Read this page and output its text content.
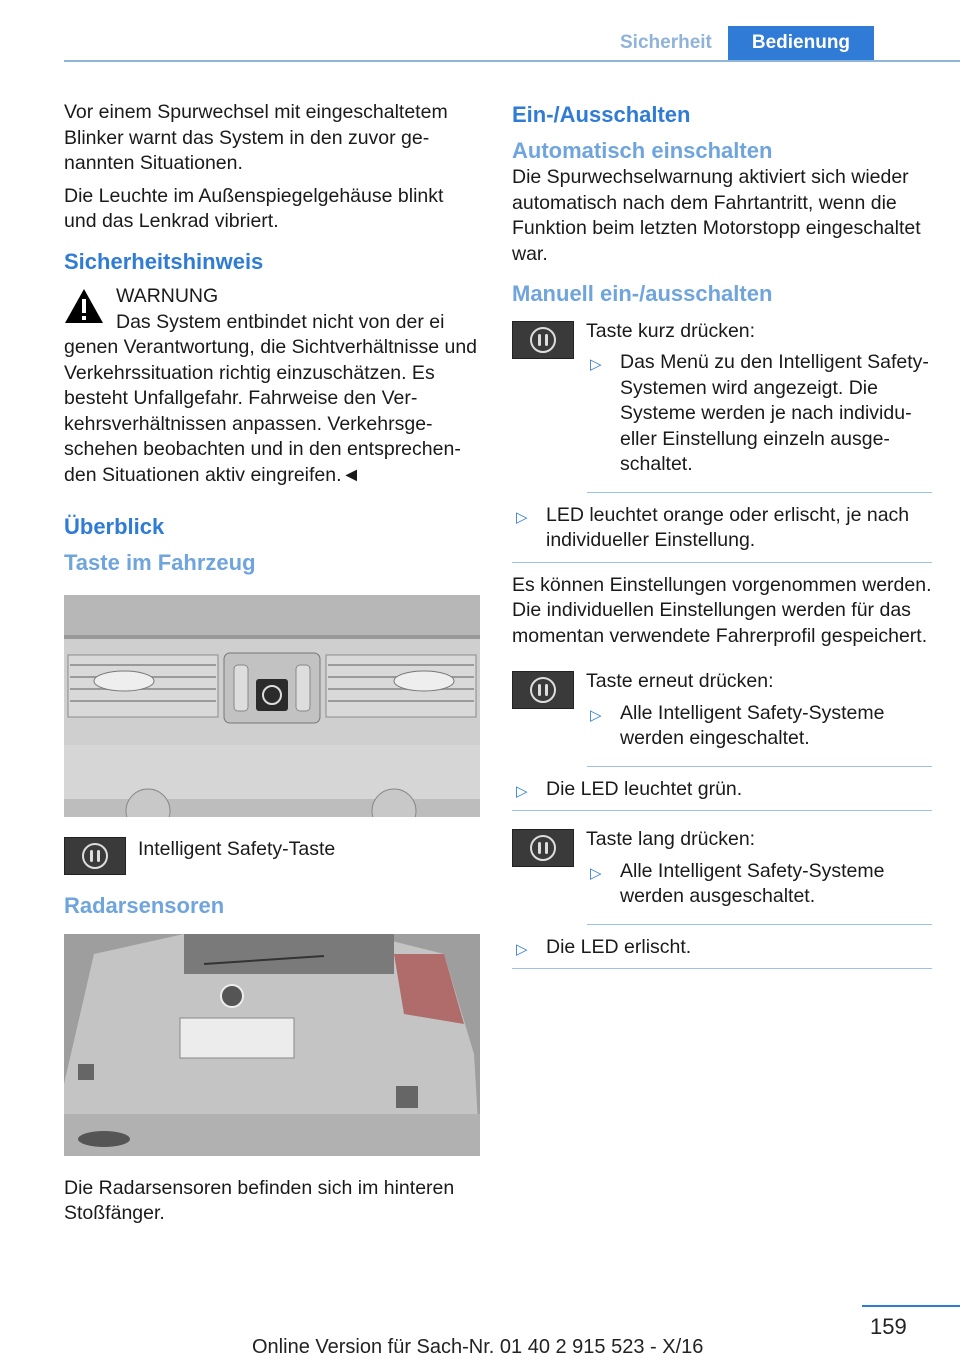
Sicherheit	Bedienung

Vor einem Spurwechsel mit eingeschaltetem Blinker warnt das System in den zuvor genannten Situationen.

Die Leuchte im Außenspiegelgehäuse blinkt und das Lenkrad vibriert.

Sicherheitshinweis
WARNUNG
Das System entbindet nicht von der ei
genen Verantwortung, die Sichtverhältnisse und Verkehrssituation richtig einzuschätzen. Es besteht Unfallgefahr. Fahrweise den Verkehrsverhältnissen anpassen. Verkehrsgeschehen beobachten und in den entsprechenden Situationen aktiv eingreifen.◄
Überblick
Taste im Fahrzeug
Intelligent Safety-Taste
Radarsensoren

Die Radarsensoren befinden sich im hinteren Stoßfänger.

Ein-/Ausschalten
Automatisch einschalten

Die Spurwechselwarnung aktiviert sich wieder automatisch nach dem Fahrtantritt, wenn die Funktion beim letzten Motorstopp eingeschaltet war.

Manuell ein-/ausschalten
Taste kurz drücken:
▷ Das Menü zu den Intelligent Safety-Systemen wird angezeigt. Die Systeme werden je nach individueller Einstellung einzeln ausgeschaltet.
▷ LED leuchtet orange oder erlischt, je nach individueller Einstellung.

Es können Einstellungen vorgenommen werden. Die individuellen Einstellungen werden für das momentan verwendete Fahrerprofil gespeichert.

Taste erneut drücken:
▷ Alle Intelligent Safety-Systeme werden eingeschaltet.
▷ Die LED leuchtet grün.
Taste lang drücken:
▷ Alle Intelligent Safety-Systeme werden ausgeschaltet.
▷ Die LED erlischt.
159
Online Version für Sach-Nr. 01 40 2 915 523 - X/16
